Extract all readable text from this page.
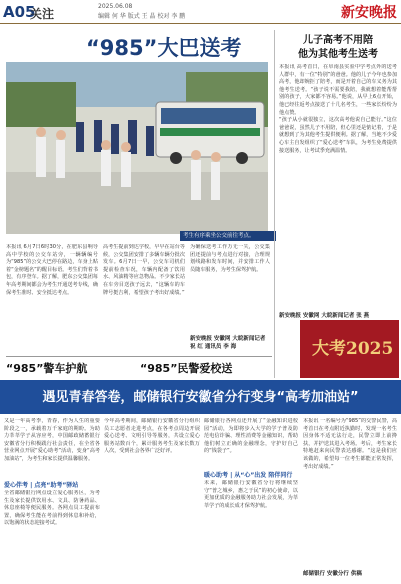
A05
关注
2025.06.08
编辑 何 华 版式 王 晶 校对 李 鹏	新安晚报
“985”大巴送考
考生有序乘坐公交前往考点。
本报讯 6月7日6时30分，在肥东县响导高中学校的公交车站旁，一辆辆编号为“985”的公交大巴停在路边，车身上贴着“金榜题名”的醒目标语。考生们背着书包，有序登车。据了解，肥东公交集团每年高考期间都会为考生开通送考专线，确保考生准时、安全抵达考点。
高考生提前到达学校，早早在站台等候，公交集团安排了多辆车辆分批次发车。6月7日一早，公交车司机们提前检查车况，车辆内配备了饮用水、风油精等应急物品。不少家长站在车旁目送孩子远去，“这辆车的车牌号挺吉利，希望孩子考出好成绩。”
为确保送考工作万无一失，公交集团还提前与考点进行对接，合理规划线路和发车时间，并安排工作人员随车服务，为考生保驾护航。
新安晚报 安徽网 大皖新闻记者 祝 红 通讯员 李 海
儿子高考不用陪
他为其他考生送考
本报讯 高考首日，在阜南县实验中学考点外的送考人群中，有一位“特别”的爸爸。他的儿子今年也参加高考，他却婉拒了陪考，而是开着自己的车义务为其他考生送考。“孩子说不需要我陪，我就想着能帮帮别的孩子，大家都不容易。”他说，从早上6点开始，他已经往返考点接送了十几名考生，一些家长纷纷为他点赞。
“孩子从小就很独立，这次高考他说自己能行。”这位爸爸说，虽然儿子不用陪，但心里还是惦记着，于是就想到了为其他考生提供便利。据了解，当地不少爱心车主自发组织了“爱心送考”车队，为考生免费提供接送服务，让考试季充满温情。
新安晚报 安徽网 大皖新闻记者 张 燕
大考2025
“985”警车护航	“985”民警爱校送
遇见青春答卷，邮储银行安徽省分行变身“高考加油站”
又是一年高考季，青春，作为人生的重要阶段之一，承载着万千家庭的期盼。为助力莘莘学子从容应考，中国邮政储蓄银行安徽省分行积极践行社会责任，在全省各营业网点开展“爱心助考”活动，变身“高考加油站”，为考生和家长提供温馨服务。
爱心伴考 | 点亮“助考”驿站
全省邮储银行网点设立爱心服务区，为考生及家长提供饮用水、文具、防暑药品、休息座椅等便民服务。各网点员工提前布置，确保考生能在考前得到休息和补给，以饱满的状态迎接考试。
今年高考期间，邮储银行安徽省分行组织员工志愿者走进考点，在各考点周边开展爱心送考、文明引导等服务，共设立爱心服务站数百个，累计服务考生及家长数万人次，受到社会各界广泛好评。
暖心助考 | 从“心”出发 陪伴同行
邮储银行各网点还开展了“金融知识进校园”活动，为即将步入大学的学子普及防范电信诈骗、理性消费等金融知识，帮助他们树立正确的金融理念，守护好自己的“钱袋子”。
未来，邮储银行安徽省分行将继续坚守“普之城乡，惠之于民”的初心使命，以更加优质的金融服务助力社会发展，为莘莘学子的成长成才保驾护航。
本报讯 一名编号为“985”的交警民警，高考首日在考点附近执勤时，发现一名考生因身体不适无法行走，民警立即上前搀扶，并护送其进入考场。考后，考生家长特地赶来向民警表达感谢。“这是我们应该做的，希望每一位考生都能正常发挥，考出好成绩。”
邮储银行 安徽分行 供稿
